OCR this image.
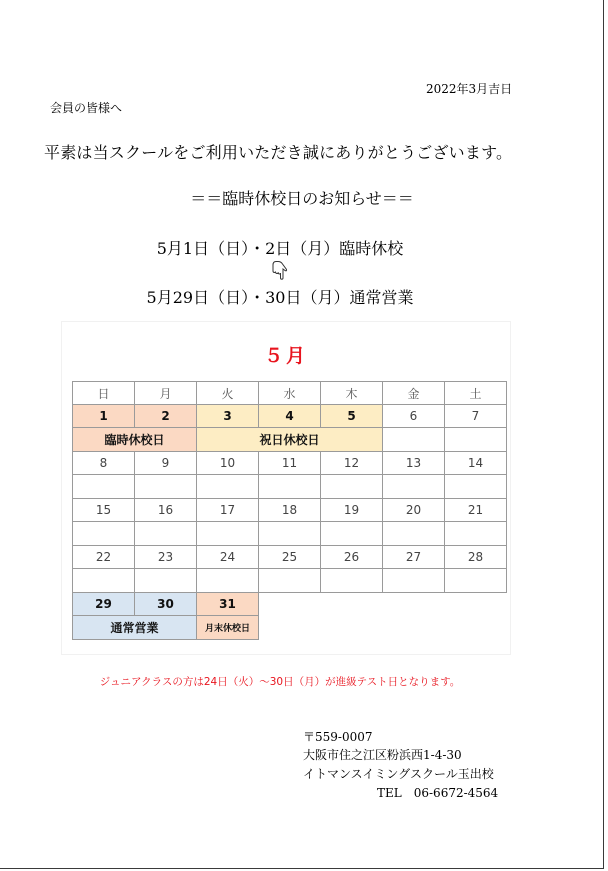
2022年3月吉日
会員の皆様へ
平素は当スクールをご利用いただき誠にありがとうございます。
＝＝臨時休校日のお知らせ＝＝
5月1日（日）・2日（月）臨時休校
5月29日（日）・30日（月）通常営業
５月
日	月	火	水	木	金	土
1	2	3	4	5	6	7
臨時休校日		祝日休校日				
8	9	10	11	12	13	14

15	16	17	18	19	20	21

22	23	24	25	26	27	28

29	30	31				
通常営業		月末休校日				
ジュニアクラスの方は24日（火）～30日（月）が進級テスト日となります。
〒559-0007
大阪市住之江区粉浜西1-4-30
イトマンスイミングスクール玉出校
TEL　06-6672-4564
